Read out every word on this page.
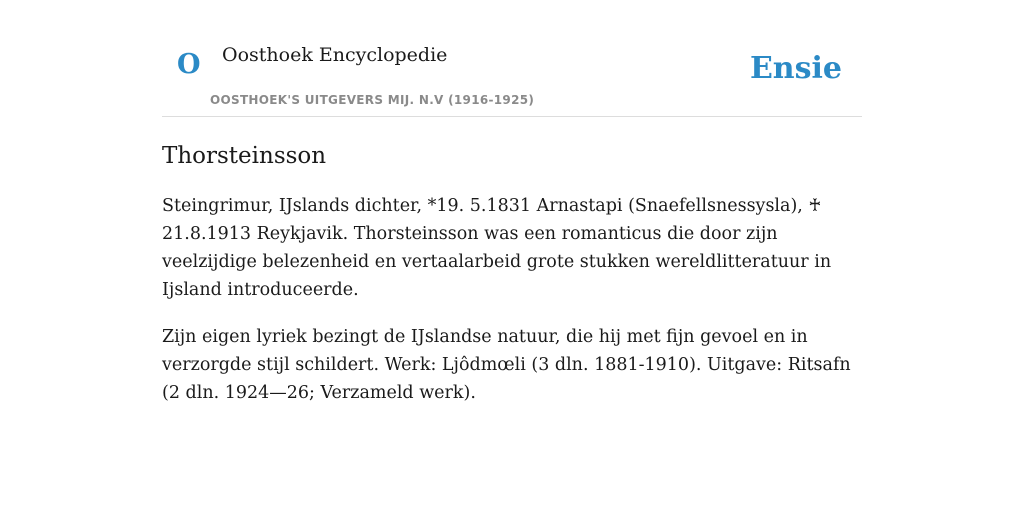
O Oosthoek Encyclopedie
OOSTHOEK'S UITGEVERS MIJ. N.V (1916-1925)
Ensie
Thorsteinsson

Steingrimur, IJslands dichter, *19. 5.1831 Arnastapi (Snaefellsnessysla), ♰ 21.8.1913 Reykjavik. Thorsteinsson was een romanticus die door zijn veelzijdige belezenheid en vertaalarbeid grote stukken wereldlitteratuur in Ijsland introduceerde.

Zijn eigen lyriek bezingt de IJslandse natuur, die hij met fijn gevoel en in verzorgde stijl schildert. Werk: Ljôdmœli (3 dln. 1881-1910). Uitgave: Ritsafn (2 dln. 1924—26; Verzameld werk).
